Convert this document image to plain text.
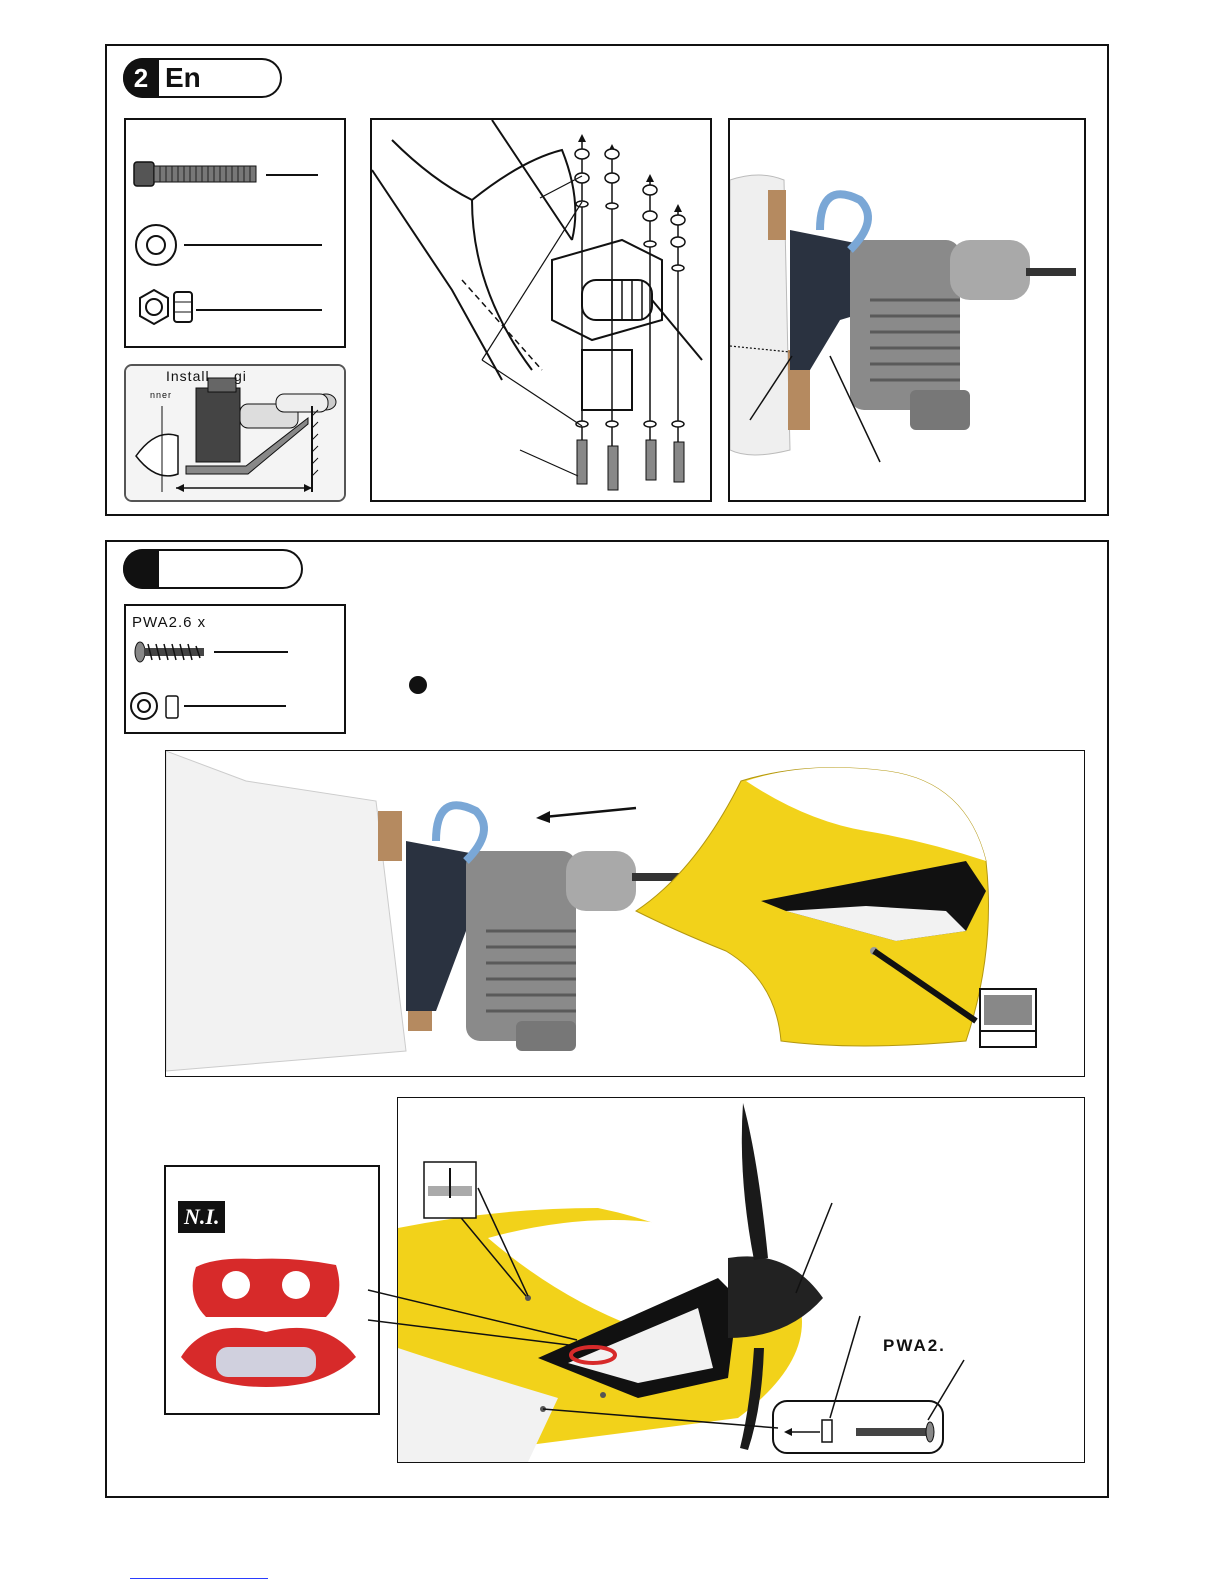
2 En
Install gi
nner
PWA2.6 x
PWA2.
N.I.
